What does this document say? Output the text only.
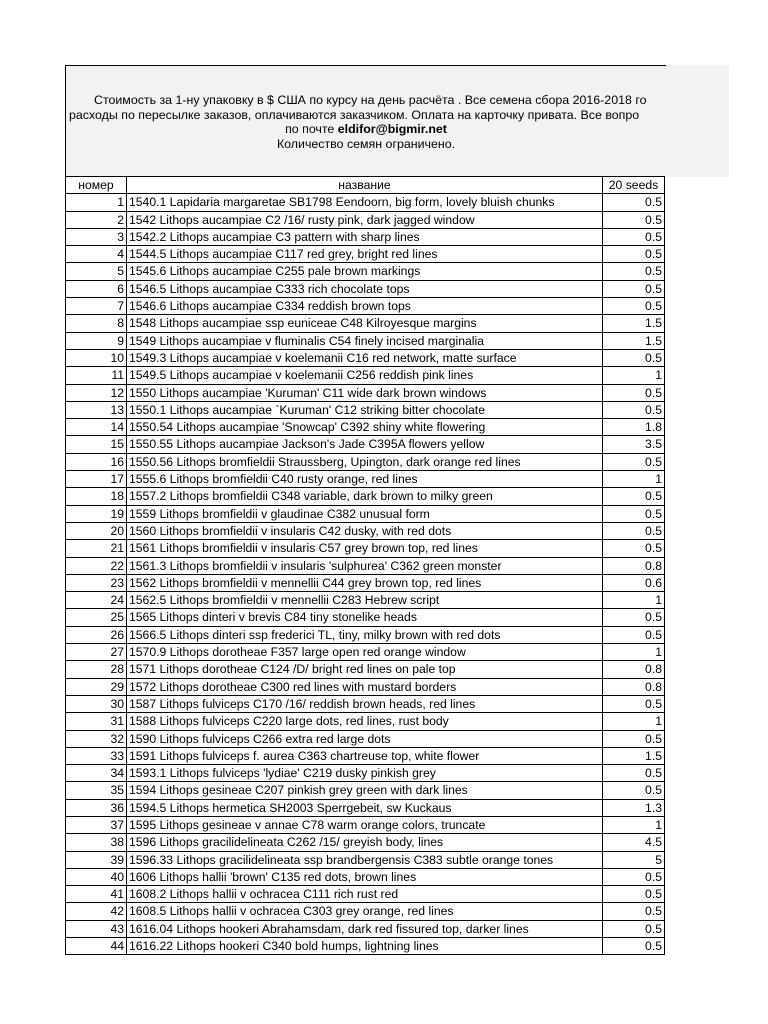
Стоимость за 1-ну упаковку в $ США по курсу на день расчёта . Все семена сбора 2016-2018 го
расходы по пересылке заказов, оплачиваются заказчиком. Оплата на карточку привата. Все вопро
по почте eldifor@bigmir.net
Количество семян ограничено.
номер	название	20 seeds
1	1540.1 Lapidaria margaretae SB1798 Eendoorn, big form, lovely bluish chunks	0.5
2	1542 Lithops aucampiae C2 /16/ rusty pink, dark jagged window	0.5
3	1542.2 Lithops aucampiae C3 pattern with sharp lines	0.5
4	1544.5 Lithops aucampiae C117 red grey, bright red lines	0.5
5	1545.6 Lithops aucampiae C255 pale brown markings	0.5
6	1546.5 Lithops aucampiae C333 rich chocolate tops	0.5
7	1546.6 Lithops aucampiae C334 reddish brown tops	0.5
8	1548 Lithops aucampiae ssp euniceae C48 Kilroyesque margins	1.5
9	1549 Lithops aucampiae v fluminalis C54 finely incised marginalia	1.5
10	1549.3 Lithops aucampiae v koelemanii C16 red network, matte surface	0.5
11	1549.5 Lithops aucampiae v koelemanii C256 reddish pink lines	1
12	1550 Lithops aucampiae 'Kuruman' C11 wide dark brown windows	0.5
13	1550.1 Lithops aucampiae `Kuruman' C12 striking bitter chocolate	0.5
14	1550.54 Lithops aucampiae 'Snowcap' C392 shiny white flowering	1.8
15	1550.55 Lithops aucampiae Jackson's Jade C395A flowers yellow	3.5
16	1550.56 Lithops bromfieldii Straussberg, Upington, dark orange red lines	0.5
17	1555.6 Lithops bromfieldii C40 rusty orange, red lines	1
18	1557.2 Lithops bromfieldii C348 variable, dark brown to milky green	0.5
19	1559 Lithops bromfieldii v glaudinae C382 unusual form	0.5
20	1560 Lithops bromfieldii v insularis C42 dusky, with red dots	0.5
21	1561 Lithops bromfieldii v insularis C57 grey brown top, red lines	0.5
22	1561.3 Lithops bromfieldii v insularis 'sulphurea' C362 green monster	0.8
23	1562 Lithops bromfieldii v mennellii C44 grey brown top, red lines	0.6
24	1562.5 Lithops bromfieldii v mennellii C283 Hebrew script	1
25	1565 Lithops dinteri v brevis C84 tiny stonelike heads	0.5
26	1566.5 Lithops dinteri ssp frederici TL, tiny, milky brown with red dots	0.5
27	1570.9 Lithops dorotheae F357 large open red orange window	1
28	1571 Lithops dorotheae C124 /D/ bright red lines on pale top	0.8
29	1572 Lithops dorotheae C300 red lines with mustard borders	0.8
30	1587 Lithops fulviceps C170 /16/ reddish brown heads, red lines	0.5
31	1588 Lithops fulviceps C220 large dots, red lines, rust body	1
32	1590 Lithops fulviceps C266 extra red large dots	0.5
33	1591 Lithops fulviceps f. aurea C363 chartreuse top, white flower	1.5
34	1593.1 Lithops fulviceps 'lydiae' C219 dusky pinkish grey	0.5
35	1594 Lithops gesineae C207 pinkish grey green with dark lines	0.5
36	1594.5 Lithops hermetica SH2003 Sperrgebeit, sw Kuckaus	1.3
37	1595 Lithops gesineae v annae C78 warm orange colors, truncate	1
38	1596 Lithops gracilidelineata C262 /15/ greyish body, lines	4.5
39	1596.33 Lithops gracilidelineata ssp brandbergensis C383 subtle orange tones	5
40	1606 Lithops hallii 'brown' C135 red dots, brown lines	0.5
41	1608.2 Lithops hallii v ochracea C111 rich rust red	0.5
42	1608.5 Lithops hallii v ochracea C303 grey orange, red lines	0.5
43	1616.04 Lithops hookeri Abrahamsdam, dark red fissured top, darker lines	0.5
44	1616.22 Lithops hookeri C340 bold humps, lightning lines	0.5
